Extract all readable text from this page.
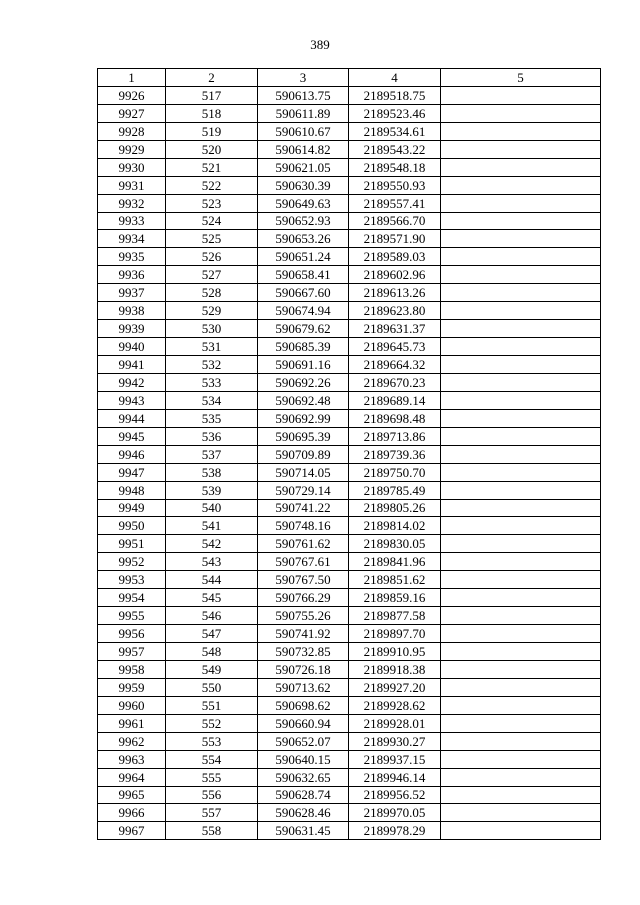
389
1	2	3	4	5
9926	517	590613.75	2189518.75	
9927	518	590611.89	2189523.46	
9928	519	590610.67	2189534.61	
9929	520	590614.82	2189543.22	
9930	521	590621.05	2189548.18	
9931	522	590630.39	2189550.93	
9932	523	590649.63	2189557.41	
9933	524	590652.93	2189566.70	
9934	525	590653.26	2189571.90	
9935	526	590651.24	2189589.03	
9936	527	590658.41	2189602.96	
9937	528	590667.60	2189613.26	
9938	529	590674.94	2189623.80	
9939	530	590679.62	2189631.37	
9940	531	590685.39	2189645.73	
9941	532	590691.16	2189664.32	
9942	533	590692.26	2189670.23	
9943	534	590692.48	2189689.14	
9944	535	590692.99	2189698.48	
9945	536	590695.39	2189713.86	
9946	537	590709.89	2189739.36	
9947	538	590714.05	2189750.70	
9948	539	590729.14	2189785.49	
9949	540	590741.22	2189805.26	
9950	541	590748.16	2189814.02	
9951	542	590761.62	2189830.05	
9952	543	590767.61	2189841.96	
9953	544	590767.50	2189851.62	
9954	545	590766.29	2189859.16	
9955	546	590755.26	2189877.58	
9956	547	590741.92	2189897.70	
9957	548	590732.85	2189910.95	
9958	549	590726.18	2189918.38	
9959	550	590713.62	2189927.20	
9960	551	590698.62	2189928.62	
9961	552	590660.94	2189928.01	
9962	553	590652.07	2189930.27	
9963	554	590640.15	2189937.15	
9964	555	590632.65	2189946.14	
9965	556	590628.74	2189956.52	
9966	557	590628.46	2189970.05	
9967	558	590631.45	2189978.29	
